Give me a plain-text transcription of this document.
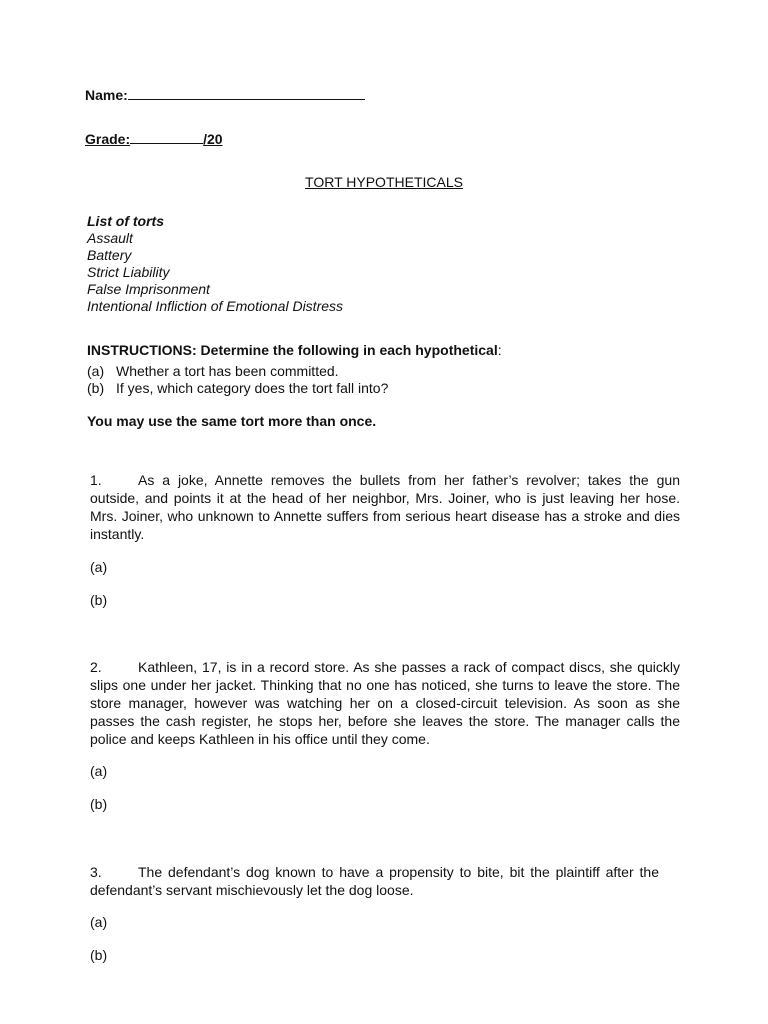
Name:
Grade:	/20
TORT HYPOTHETICALS
List of torts
Assault
Battery
Strict Liability
False Imprisonment
Intentional Infliction of Emotional Distress
INSTRUCTIONS: Determine the following in each hypothetical:
(a) Whether a tort has been committed.
(b) If yes, which category does the tort fall into?
You may use the same tort more than once.
1.	As a joke, Annette removes the bullets from her father’s revolver; takes the gun outside, and points it at the head of her neighbor, Mrs. Joiner, who is just leaving her hose. Mrs. Joiner, who unknown to Annette suffers from serious heart disease has a stroke and dies instantly.
(a)
(b)
2.	Kathleen, 17, is in a record store. As she passes a rack of compact discs, she quickly slips one under her jacket. Thinking that no one has noticed, she turns to leave the store. The store manager, however was watching her on a closed-circuit television. As soon as she passes the cash register, he stops her, before she leaves the store. The manager calls the police and keeps Kathleen in his office until they come.
(a)
(b)
3.	The defendant’s dog known to have a propensity to bite, bit the plaintiff after the defendant’s servant mischievously let the dog loose.
(a)
(b)
